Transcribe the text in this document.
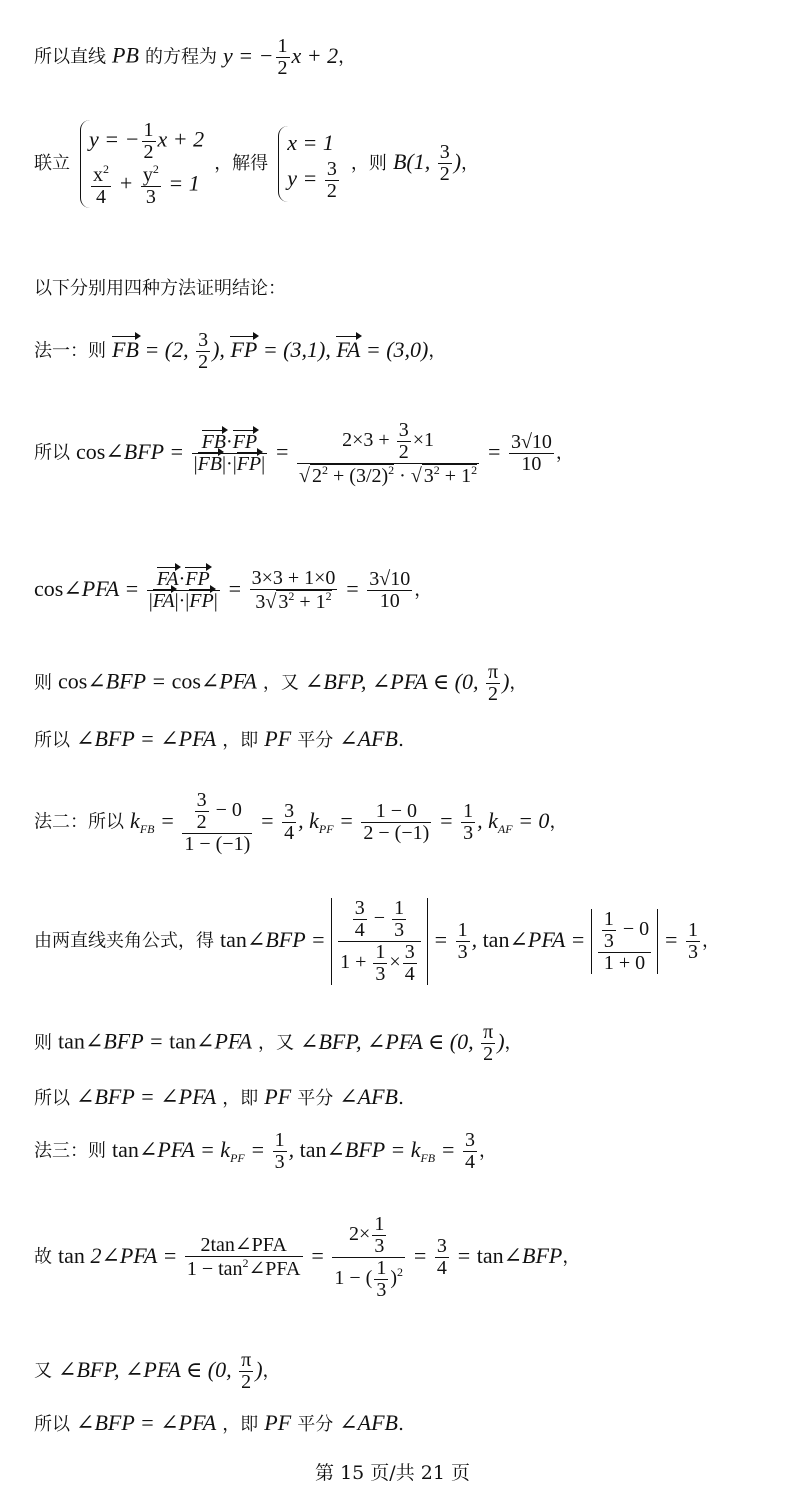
所以直线 PB 的方程为 y = − $\frac{1}{2}$ x + 2，
联立
y = − $\frac{1}{2}$ x + 2
$\frac{x^2}{4} + \frac{y^2}{3} = 1$
，解得
x = 1
$y = \frac{3}{2}$ ，则 B(1, $\frac{3}{2}$ )，
以下分别用四种方法证明结论：
法一：则 FB = (2, $\frac{3}{2}$ ), FP = (3,1), FA = (3,0)，
所以 cos∠BFP = $\frac{FB\cdot FP}{|FB|\cdot|FP|} = \frac{2\times 3 + \frac{3}{2} \times 1}{√ 2^2 + (3/2)^2 \cdot √ 3^2 + 1^2} = \frac{3√10}{10}$ ，
cos∠PFA = $\frac{FA\cdot FP}{|FA|\cdot|FP|} = \frac{3\times 3 + 1\times 0}{3√ 3^2 + 1^2} = \frac{3√10}{10}$ ，
则 cos∠BFP = cos∠PFA ，又 ∠BFP, ∠PFA ∈ (0, $\frac{\pi}{2}$ )，
所以 ∠BFP = ∠PFA ，即 PF 平分 ∠AFB.
法二：所以 $k_{FB} = \frac{\frac{3}{2} - 0}{1 - (-1)} = \frac{3}{4}$ , $k_{PF} = \frac{1 - 0}{2 - (-1)} = \frac{1}{3}$ , $k_{AF} = 0$，
由两直线夹角公式，得 tan∠BFP = $\frac{\frac{3}{4} - \frac{1}{3}}{1 + \frac{1}{3} \times \frac{3}{4}} = \frac{1}{3}$ , tan∠PFA = $\frac{\frac{1}{3} - 0}{1 + 0} = \frac{1}{3}$ ，
则 tan∠BFP = tan∠PFA ，又 ∠BFP, ∠PFA ∈ (0, $\frac{\pi}{2}$ )，
所以 ∠BFP = ∠PFA ，即 PF 平分 ∠AFB.
法三：则 tan∠PFA = $k_{PF} = \frac{1}{3}$ , tan∠BFP = $k_{FB} = \frac{3}{4}$ ，
故 tan 2∠PFA = $\frac{\text{2tan∠PFA}}{1 - \tan^2\angle PFA} = \frac{2\times \frac{1}{3}}{1 - ( \frac{1}{3} )^2} = \frac{3}{4}$ = tan∠BFP，
又 ∠BFP, ∠PFA ∈ (0, $\frac{\pi}{2}$ )，
所以 ∠BFP = ∠PFA ，即 PF 平分 ∠AFB.
第 15 页/共 21 页
